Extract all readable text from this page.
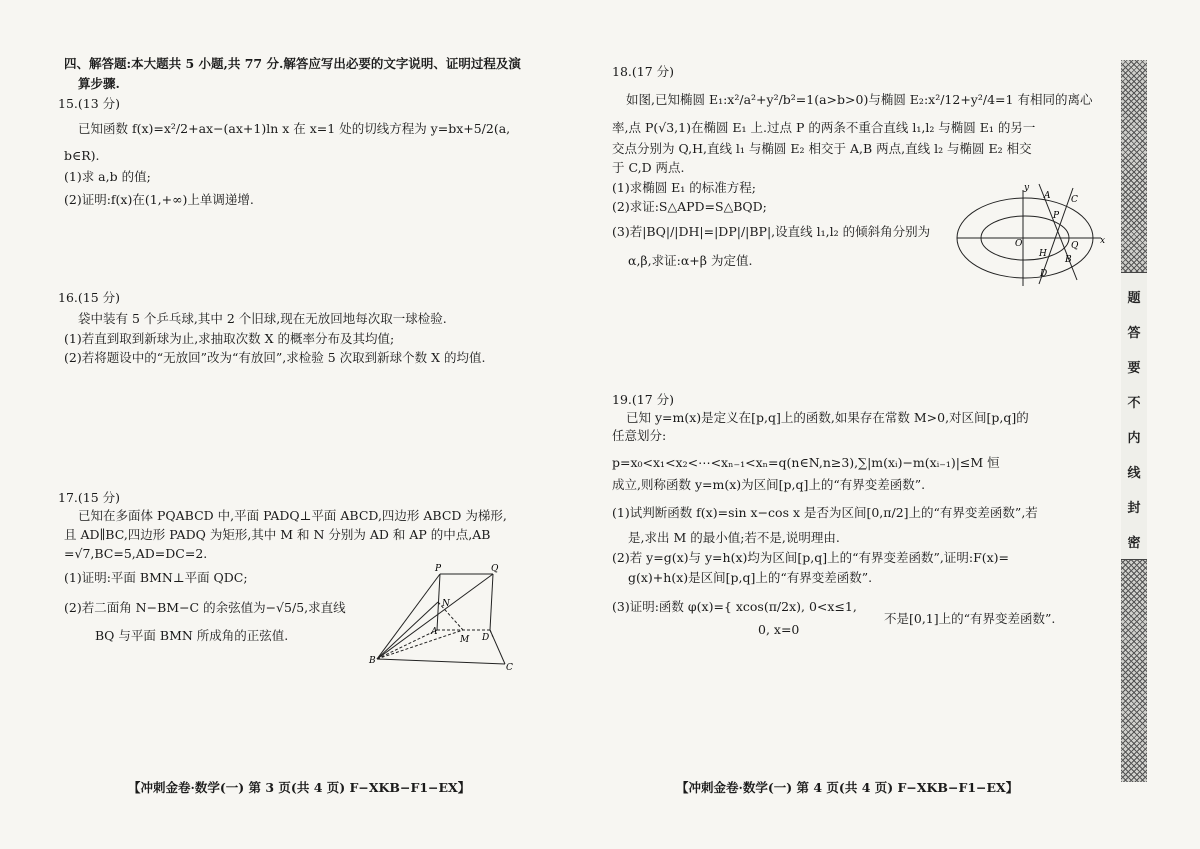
四、解答题:本大题共 5 小题,共 77 分.解答应写出必要的文字说明、证明过程及演
算步骤.
15.(13 分)
已知函数 f(x)=x²/2+ax−(ax+1)ln x 在 x=1 处的切线方程为 y=bx+5/2(a,
b∈R).
(1)求 a,b 的值;
(2)证明:f(x)在(1,+∞)上单调递增.
16.(15 分)
袋中装有 5 个乒乓球,其中 2 个旧球,现在无放回地每次取一球检验.
(1)若直到取到新球为止,求抽取次数 X 的概率分布及其均值;
(2)若将题设中的“无放回”改为“有放回”,求检验 5 次取到新球个数 X 的均值.
17.(15 分)
已知在多面体 PQABCD 中,平面 PADQ⊥平面 ABCD,四边形 ABCD 为梯形,
且 AD∥BC,四边形 PADQ 为矩形,其中 M 和 N 分别为 AD 和 AP 的中点,AB
=√7,BC=5,AD=DC=2.
(1)证明:平面 BMN⊥平面 QDC;
(2)若二面角 N−BM−C 的余弦值为−√5/5,求直线
BQ 与平面 BMN 所成角的正弦值.
P	Q
N
A
M D
B
C
【冲刺金卷·数学(一) 第 3 页(共 4 页) F−XKB−F1−EX】
18.(17 分)
如图,已知椭圆 E₁:x²/a²+y²/b²=1(a>b>0)与椭圆 E₂:x²/12+y²/4=1 有相同的离心
率,点 P(√3,1)在椭圆 E₁ 上.过点 P 的两条不重合直线 l₁,l₂ 与椭圆 E₁ 的另一
交点分别为 Q,H,直线 l₁ 与椭圆 E₂ 相交于 A,B 两点,直线 l₂ 与椭圆 E₂ 相交
于 C,D 两点.
(1)求椭圆 E₁ 的标准方程;
(2)求证:S△APD=S△BQD;
(3)若|BQ|/|DH|=|DP|/|BP|,设直线 l₁,l₂ 的倾斜角分别为
α,β,求证:α+β 为定值.
y
x
O
A C
P
H
Q
D
B
19.(17 分)
已知 y=m(x)是定义在[p,q]上的函数,如果存在常数 M>0,对区间[p,q]的
任意划分:
p=x₀<x₁<x₂<⋯<xₙ₋₁<xₙ=q(n∈N,n≥3),∑|m(xᵢ)−m(xᵢ₋₁)|≤M 恒
成立,则称函数 y=m(x)为区间[p,q]上的“有界变差函数”.
(1)试判断函数 f(x)=sin x−cos x 是否为区间[0,π/2]上的“有界变差函数”,若
是,求出 M 的最小值;若不是,说明理由.
(2)若 y=g(x)与 y=h(x)均为区间[p,q]上的“有界变差函数”,证明:F(x)=
g(x)+h(x)是区间[p,q]上的“有界变差函数”.
(3)证明:函数 φ(x)={ xcos(π/2x), 0<x≤1,
0, x=0
不是[0,1]上的“有界变差函数”.
【冲刺金卷·数学(一) 第 4 页(共 4 页) F−XKB−F1−EX】
密
封
线
内
不
要
答
题
